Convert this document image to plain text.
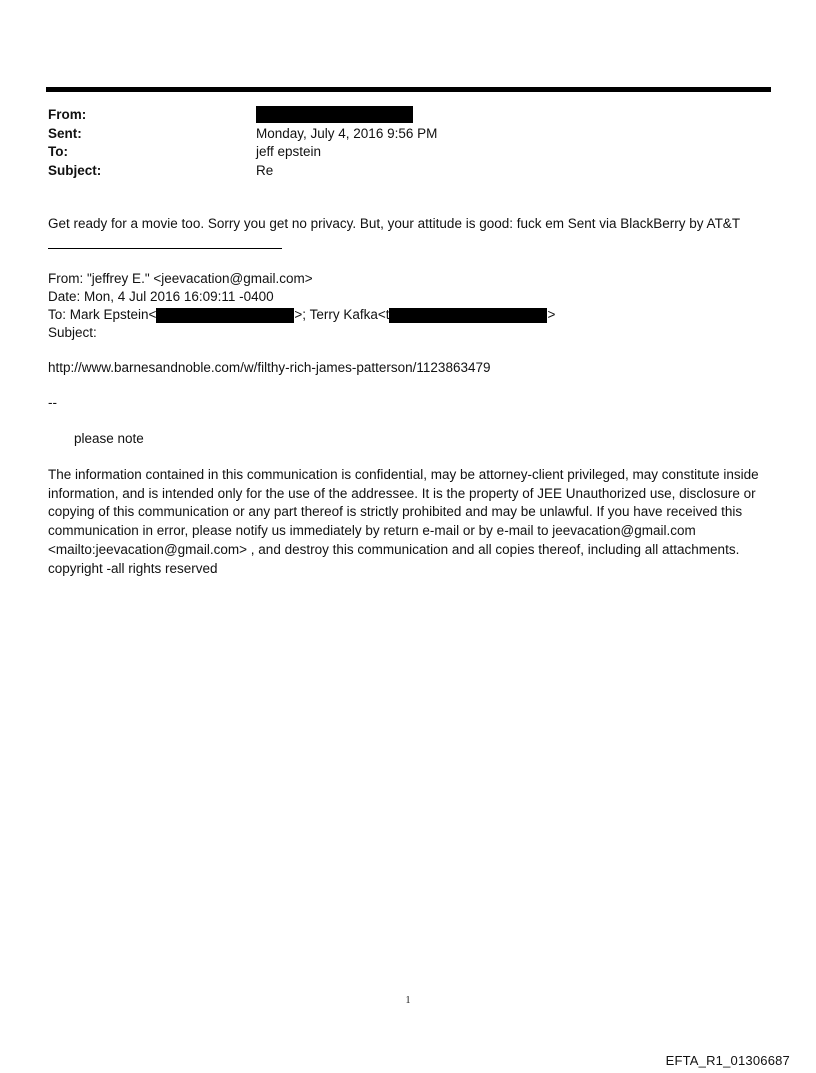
From:
Sent:	Monday, July 4, 2016 9:56 PM
To:	jeff epstein
Subject:	Re
Get ready for a movie too. Sorry you get no privacy. But, your attitude is good: fuck em Sent via BlackBerry by AT&T
From: "jeffrey E." <jeevacation@gmail.com>
Date: Mon, 4 Jul 2016 16:09:11 -0400
To: Mark Epstein<	>; Terry Kafka<t	>
Subject:
http://www.barnesandnoble.com/w/filthy-rich-james-patterson/1123863479
--
please note
The information contained in this communication is confidential, may be attorney-client privileged, may constitute inside information, and is intended only for the use of the addressee. It is the property of JEE Unauthorized use, disclosure or copying of this communication or any part thereof is strictly prohibited and may be unlawful. If you have received this communication in error, please notify us immediately by return e-mail or by e-mail to jeevacation@gmail.com <mailto:jeevacation@gmail.com> , and destroy this communication and all copies thereof, including all attachments. copyright -all rights reserved
1
EFTA_R1_01306687
